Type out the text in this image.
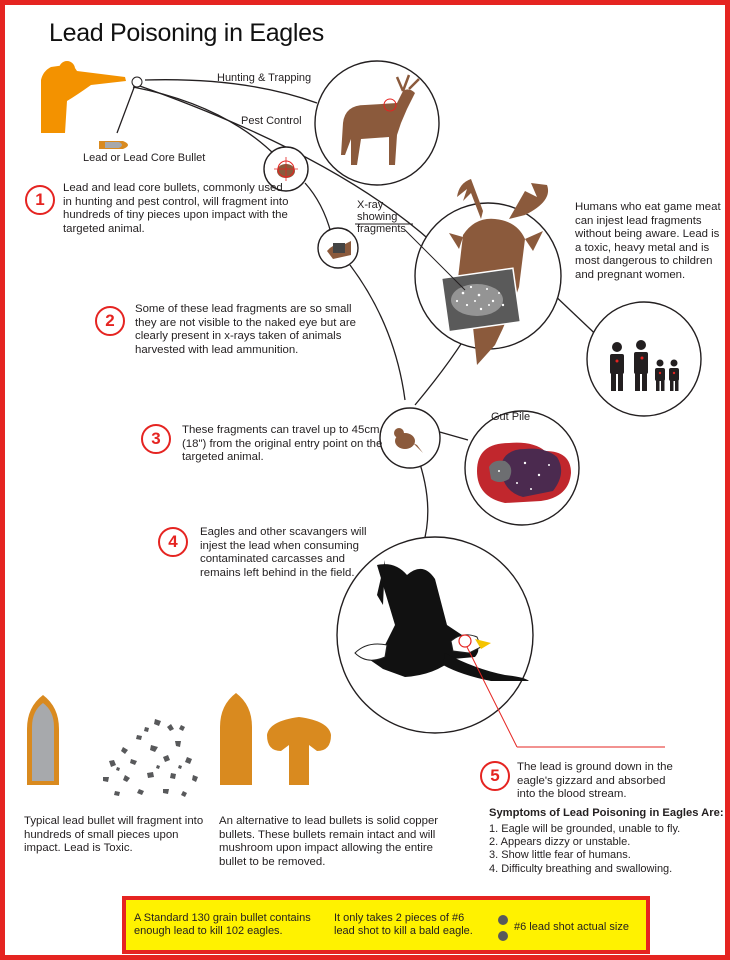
Lead Poisoning in Eagles
Hunting & Trapping
Pest Control
Lead or Lead Core Bullet
X-ray showing fragments
Gut Pile
1

Lead and lead core bullets, commonly used in hunting and pest control, will fragment into hundreds of tiny pieces upon impact with the targeted animal.

2

Some of these lead fragments are so small they are not visible to the naked eye but are clearly present in x-rays taken of animals harvested with lead ammunition.

3	These fragments can travel up to 45cm (18") from the original entry point on the targeted animal.

4	Eagles and other scavangers will injest the lead when consuming contaminated carcasses and remains left behind in the field.

5	The lead is ground down in the eagle's gizzard and absorbed into the blood stream.

Humans who eat game meat can injest lead fragments without being aware. Lead is a toxic, heavy metal and is most dangerous to children and pregnant women.

Typical lead bullet will fragment into hundreds of small pieces upon impact. Lead is Toxic.

An alternative to lead bullets is solid copper bullets. These bullets remain intact and will mushroom upon impact allowing the entire bullet to be removed.

Symptoms of Lead Poisoning in Eagles Are:
1. Eagle will be grounded, unable to fly.
2. Appears dizzy or unstable.
3. Show little fear of humans.
4. Difficulty breathing and swallowing.
A Standard 130 grain bullet contains enough lead to kill 102 eagles.
It only takes 2 pieces of #6 lead shot to kill a bald eagle.	#6 lead shot actual size
